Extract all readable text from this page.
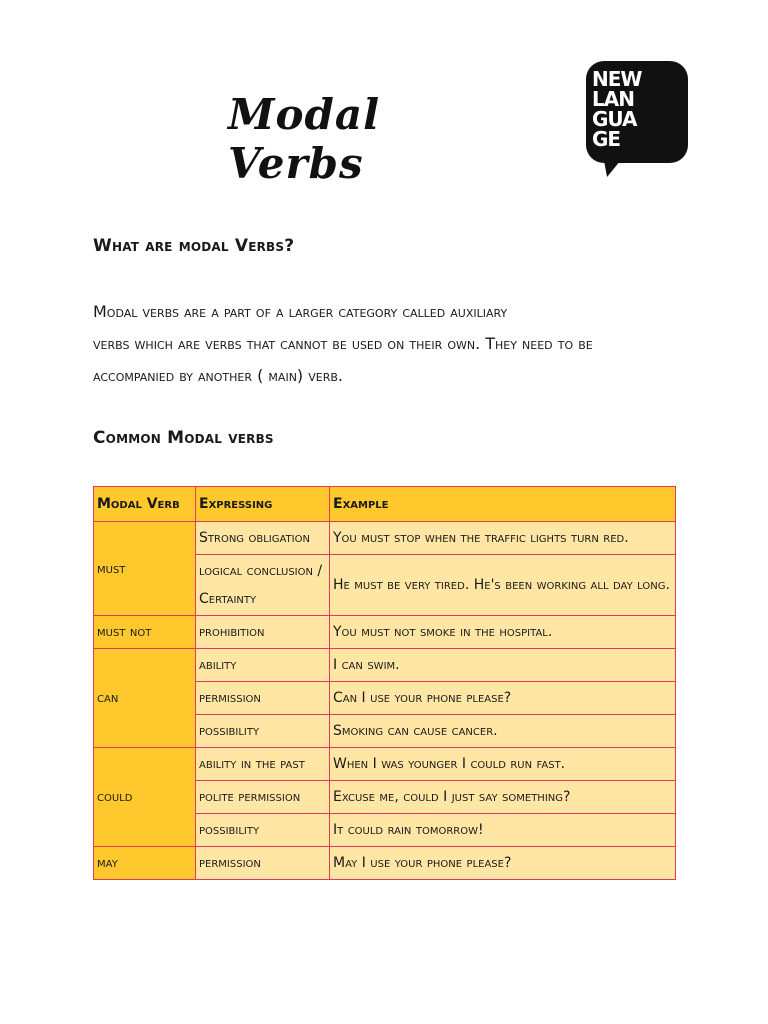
Modal Verbs
NEW
LAN
GUA
GE
What are modal Verbs?
Modal verbs are a part of a larger category called auxiliary
verbs which are verbs that cannot be used on their own. They need to be
accompanied by another ( main) verb.
Common Modal verbs
Modal Verb	Expressing	Example
must	Strong obligation	You must stop when the traffic lights turn red.
	logical conclusion / Certainty	He must be very tired. He's been working all day long.
must not	prohibition	You must not smoke in the hospital.
can	ability	I can swim.
	permission	Can I use your phone please?
	possibility	Smoking can cause cancer.
could	ability in the past	When I was younger I could run fast.
	polite permission	Excuse me, could I just say something?
	possibility	It could rain tomorrow!
may	permission	May I use your phone please?
